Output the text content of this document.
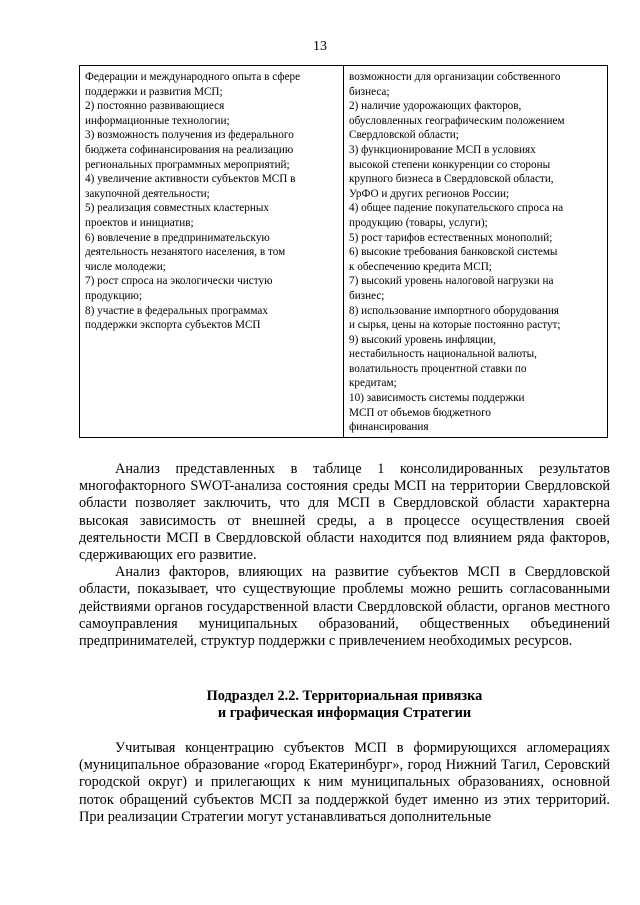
13
Федерации и международного опыта в сфере
поддержки и развития МСП;
2) постоянно развивающиеся
информационные технологии;
3) возможность получения из федерального
бюджета софинансирования на реализацию
региональных программных мероприятий;
4) увеличение активности субъектов МСП в
закупочной деятельности;
5) реализация совместных кластерных
проектов и инициатив;
6) вовлечение в предпринимательскую
деятельность незанятого населения, в том
числе молодежи;
7) рост спроса на экологически чистую
продукцию;
8) участие в федеральных программах
поддержки экспорта субъектов МСП

возможности для организации собственного
бизнеса;
2) наличие удорожающих факторов,
обусловленных географическим положением
Свердловской области;
3) функционирование МСП в условиях
высокой степени конкуренции со стороны
крупного бизнеса в Свердловской области,
УрФО и других регионов России;
4) общее падение покупательского спроса на
продукцию (товары, услуги);
5) рост тарифов естественных монополий;
6) высокие требования банковской системы
к обеспечению кредита МСП;
7) высокий уровень налоговой нагрузки на
бизнес;
8) использование импортного оборудования
и сырья, цены на которые постоянно растут;
9) высокий уровень инфляции,
нестабильность национальной валюты,
волатильность процентной ставки по
кредитам;
10) зависимость системы поддержки
МСП от объемов бюджетного
финансирования

Анализ представленных в таблице 1 консолидированных результатов многофакторного SWOT-анализа состояния среды МСП на территории Свердловской области позволяет заключить, что для МСП в Свердловской области характерна высокая зависимость от внешней среды, а в процессе осуществления своей деятельности МСП в Свердловской области находится под влиянием ряда факторов, сдерживающих его развитие.

Анализ факторов, влияющих на развитие субъектов МСП в Свердловской области, показывает, что существующие проблемы можно решить согласованными действиями органов государственной власти Свердловской области, органов местного самоуправления муниципальных образований, общественных объединений предпринимателей, структур поддержки с привлечением необходимых ресурсов.

Подраздел 2.2. Территориальная привязка
и графическая информация Стратегии

Учитывая концентрацию субъектов МСП в формирующихся агломерациях (муниципальное образование «город Екатеринбург», город Нижний Тагил, Серовский городской округ) и прилегающих к ним муниципальных образованиях, основной поток обращений субъектов МСП за поддержкой будет именно из этих территорий. При реализации Стратегии могут устанавливаться дополнительные
